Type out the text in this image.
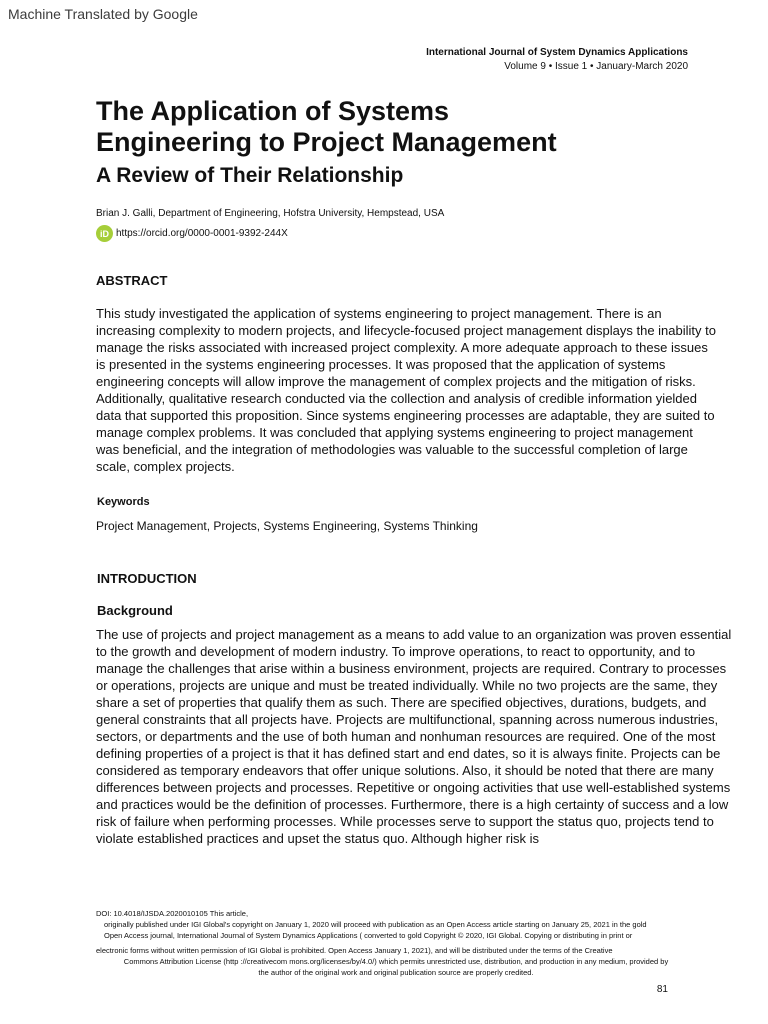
Machine Translated by Google
International Journal of System Dynamics Applications
Volume 9 • Issue 1 • January-March 2020
The Application of Systems
Engineering to Project Management
A Review of Their Relationship
Brian J. Galli, Department of Engineering, Hofstra University, Hempstead, USA
iD https://orcid.org/0000-0001-9392-244X
ABSTRACT
This study investigated the application of systems engineering to project management. There is an increasing complexity to modern projects, and lifecycle-focused project management displays the inability to manage the risks associated with increased project complexity. A more adequate approach to these issues is presented in the systems engineering processes. It was proposed that the application of systems engineering concepts will allow improve the management of complex projects and the mitigation of risks. Additionally, qualitative research conducted via the collection and analysis of credible information yielded data that supported this proposition. Since systems engineering processes are adaptable, they are suited to manage complex problems. It was concluded that applying systems engineering to project management was beneficial, and the integration of methodologies was valuable to the successful completion of large scale, complex projects.
Keywords
Project Management, Projects, Systems Engineering, Systems Thinking
INTRODUCTION
Background
The use of projects and project management as a means to add value to an organization was proven essential to the growth and development of modern industry. To improve operations, to react to opportunity, and to manage the challenges that arise within a business environment, projects are required. Contrary to processes or operations, projects are unique and must be treated individually. While no two projects are the same, they share a set of properties that qualify them as such. There are specified objectives, durations, budgets, and general constraints that all projects have. Projects are multifunctional, spanning across numerous industries, sectors, or departments and the use of both human and nonhuman resources are required. One of the most defining properties of a project is that it has defined start and end dates, so it is always finite. Projects can be considered as temporary endeavors that offer unique solutions. Also, it should be noted that there are many differences between projects and processes. Repetitive or ongoing activities that use well-established systems and practices would be the definition of processes. Furthermore, there is a high certainty of success and a low risk of failure when performing processes. While processes serve to support the status quo, projects tend to violate established practices and upset the status quo. Although higher risk is
DOI: 10.4018/IJSDA.2020010105 This article,
originally published under IGI Global's copyright on January 1, 2020 will proceed with publication as an Open Access article starting on January 25, 2021 in the gold
Open Access journal, International Journal of System Dynamics Applications ( converted to gold Copyright © 2020, IGI Global. Copying or distributing in print or
electronic forms without written permission of IGI Global is prohibited. Open Access January 1, 2021), and will be distributed under the terms of the Creative
Commons Attribution License (http ://creativecom mons.org/licenses/by/4.0/) which permits unrestricted use, distribution, and production in any medium, provided by
the author of the original work and original publication source are properly credited.
81
